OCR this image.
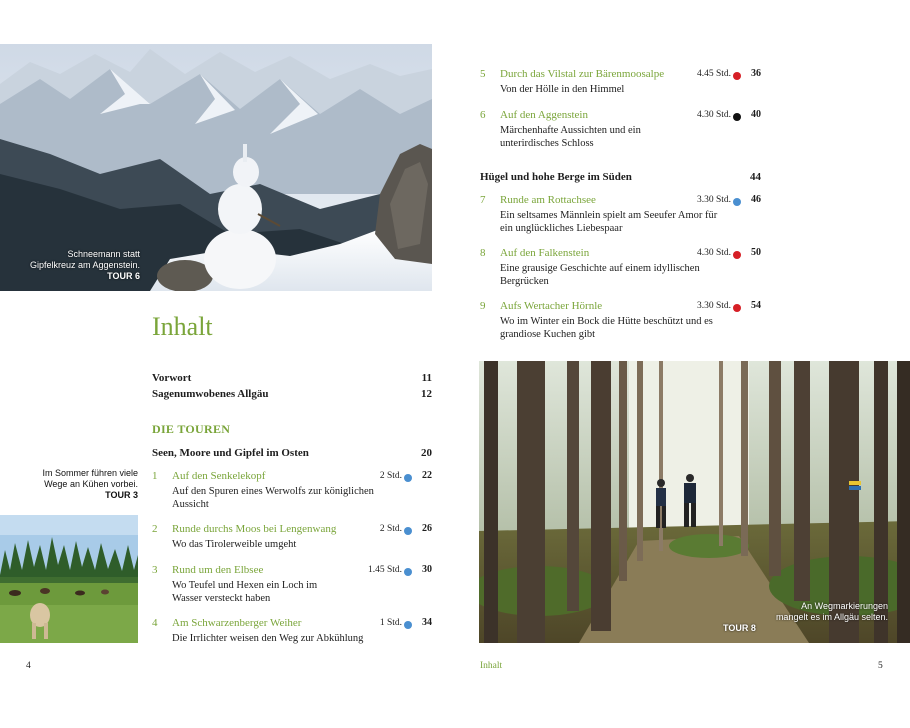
Schneemann statt
Gipfelkreuz am Aggenstein.
TOUR 6
Im Sommer führen viele
Wege an Kühen vorbei.
TOUR 3
Inhalt
Vorwort	11
Sagenumwobenes Allgäu	12
DIE TOUREN
Seen, Moore und Gipfel im Osten	20
1 Auf den Senkelekopf	2 Std. 22
Auf den Spuren eines Werwolfs zur königlichen Aussicht
2 Runde durchs Moos bei Lengenwang	2 Std. 26
Wo das Tirolerweible umgeht
3 Rund um den Elbsee	1.45 Std. 30
Wo Teufel und Hexen ein Loch im Wasser versteckt haben
4 Am Schwarzenberger Weiher	1 Std. 34
Die Irrlichter weisen den Weg zur Abkühlung
4
5 Durch das Vilstal zur Bärenmoosalpe	4.45 Std. 36
Von der Hölle in den Himmel
6 Auf den Aggenstein	4.30 Std. 40
Märchenhafte Aussichten und ein unterirdisches Schloss
Hügel und hohe Berge im Süden	44
7 Runde am Rottachsee	3.30 Std. 46
Ein seltsames Männlein spielt am Seeufer Amor für ein unglückliches Liebespaar
8 Auf den Falkenstein	4.30 Std. 50
Eine grausige Geschichte auf einem idyllischen Bergrücken
9 Aufs Wertacher Hörnle	3.30 Std. 54
Wo im Winter ein Bock die Hütte beschützt und es grandiose Kuchen gibt
An Wegmarkierungen
mangelt es im Allgäu selten.
TOUR 8
Inhalt	5
